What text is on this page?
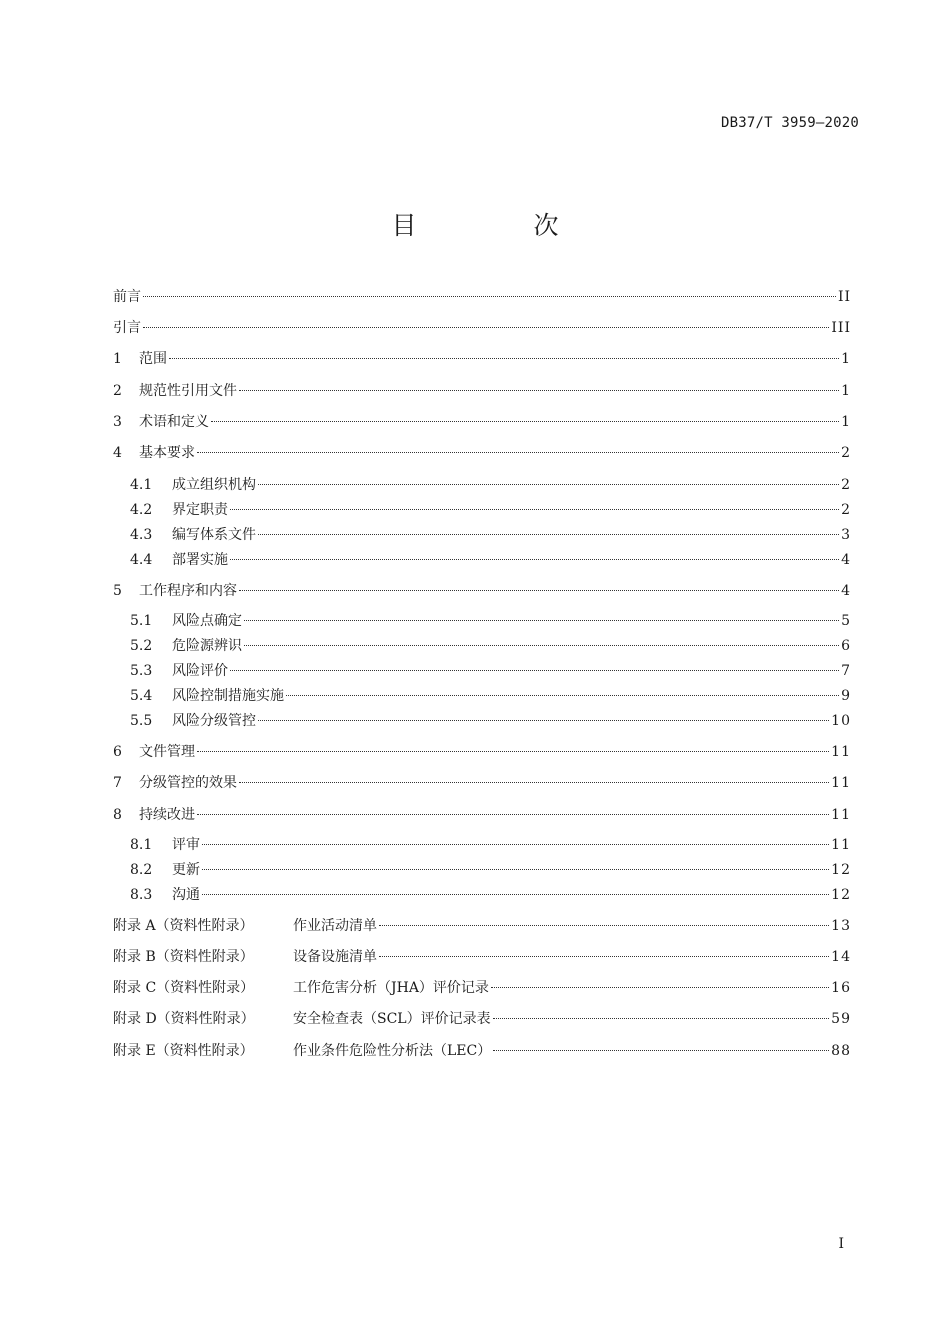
DB37/T 3959—2020
目　次
前言	II
引言	III
1	范围	1
2	规范性引用文件	1
3	术语和定义	1
4	基本要求	2
4.1	成立组织机构	2
4.2	界定职责	2
4.3	编写体系文件	3
4.4	部署实施	4
5	工作程序和内容	4
5.1	风险点确定	5
5.2	危险源辨识	6
5.3	风险评价	7
5.4	风险控制措施实施	9
5.5	风险分级管控	10
6	文件管理	11
7	分级管控的效果	11
8	持续改进	11
8.1	评审	11
8.2	更新	12
8.3	沟通	12
附录 A（资料性附录）	作业活动清单	13
附录 B（资料性附录）	设备设施清单	14
附录 C（资料性附录）	工作危害分析（JHA）评价记录	16
附录 D（资料性附录）	安全检查表（SCL）评价记录表	59
附录 E（资料性附录）	作业条件危险性分析法（LEC）	88
I
